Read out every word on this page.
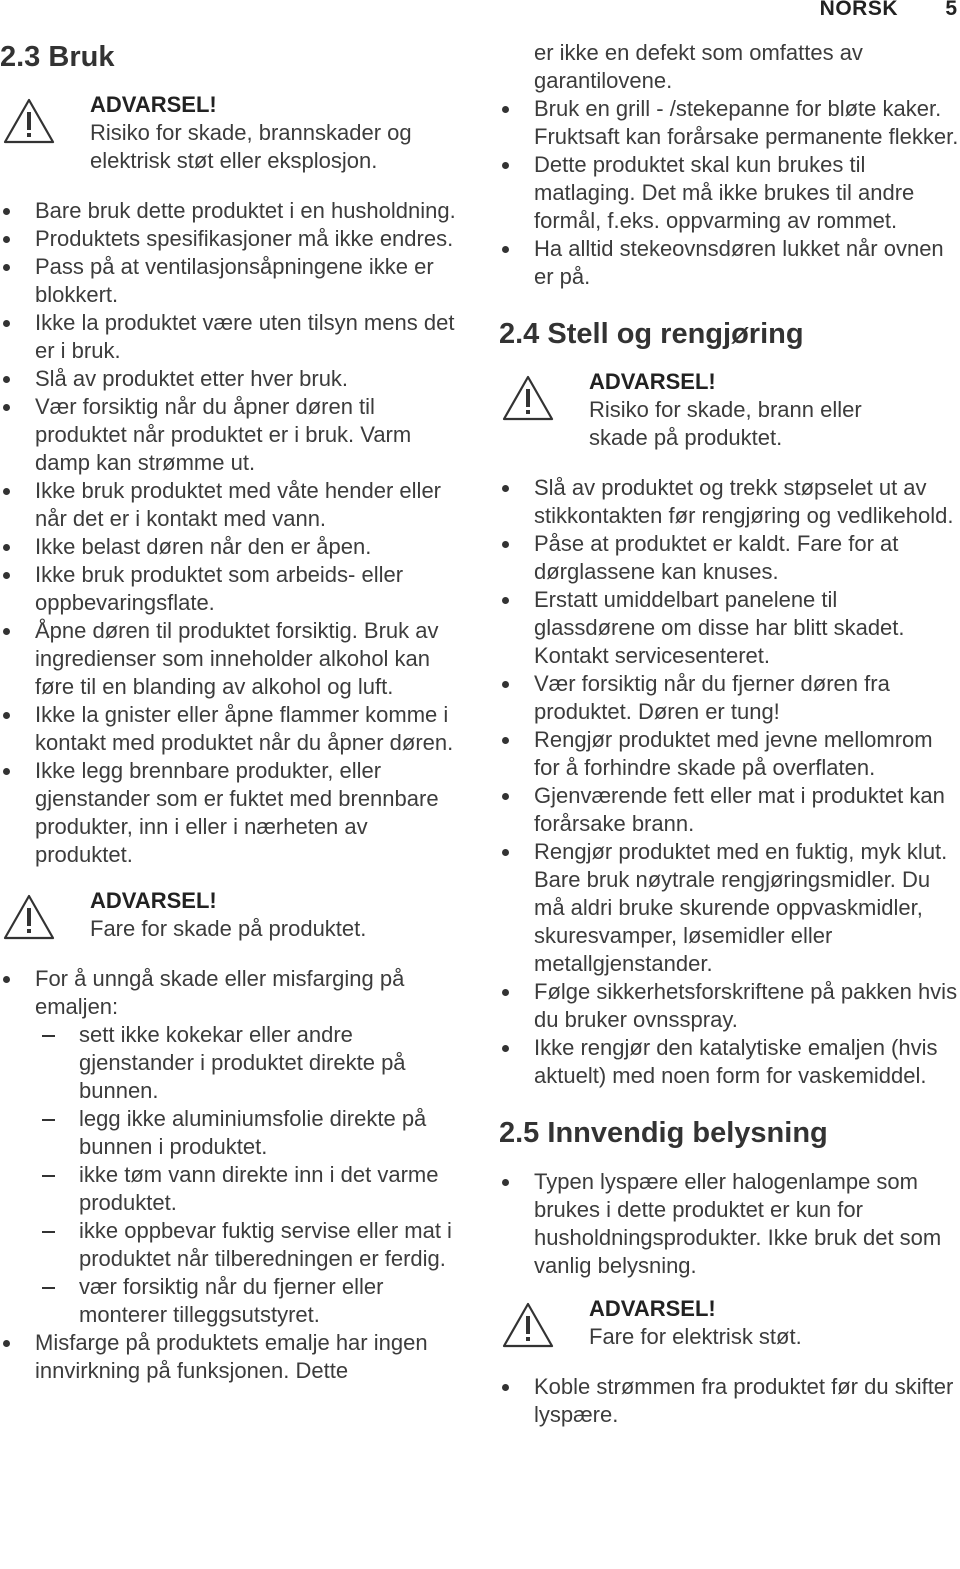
NORSK 5
2.3 Bruk
ADVARSEL!
Risiko for skade, brannskader og elektrisk støt eller eksplosjon.
Bare bruk dette produktet i en husholdning.
Produktets spesifikasjoner må ikke endres.
Pass på at ventilasjonsåpningene ikke er blokkert.
Ikke la produktet være uten tilsyn mens det er i bruk.
Slå av produktet etter hver bruk.
Vær forsiktig når du åpner døren til produktet når produktet er i bruk. Varm damp kan strømme ut.
Ikke bruk produktet med våte hender eller når det er i kontakt med vann.
Ikke belast døren når den er åpen.
Ikke bruk produktet som arbeids- eller oppbevaringsflate.
Åpne døren til produktet forsiktig. Bruk av ingredienser som inneholder alkohol kan føre til en blanding av alkohol og luft.
Ikke la gnister eller åpne flammer komme i kontakt med produktet når du åpner døren.
Ikke legg brennbare produkter, eller gjenstander som er fuktet med brennbare produkter, inn i eller i nærheten av produktet.
ADVARSEL!
Fare for skade på produktet.
For å unngå skade eller misfarging på emaljen:
sett ikke kokekar eller andre gjenstander i produktet direkte på bunnen.
legg ikke aluminiumsfolie direkte på bunnen i produktet.
ikke tøm vann direkte inn i det varme produktet.
ikke oppbevar fuktig servise eller mat i produktet når tilberedningen er ferdig.
vær forsiktig når du fjerner eller monterer tilleggsutstyret.
Misfarge på produktets emalje har ingen innvirkning på funksjonen. Dette
er ikke en defekt som omfattes av garantilovene.
Bruk en grill - /stekepanne for bløte kaker. Fruktsaft kan forårsake permanente flekker.
Dette produktet skal kun brukes til matlaging. Det må ikke brukes til andre formål, f.eks. oppvarming av rommet.
Ha alltid stekeovnsdøren lukket når ovnen er på.
2.4 Stell og rengjøring
ADVARSEL!
Risiko for skade, brann eller skade på produktet.
Slå av produktet og trekk støpselet ut av stikkontakten før rengjøring og vedlikehold.
Påse at produktet er kaldt. Fare for at dørglassene kan knuses.
Erstatt umiddelbart panelene til glassdørene om disse har blitt skadet. Kontakt servicesenteret.
Vær forsiktig når du fjerner døren fra produktet. Døren er tung!
Rengjør produktet med jevne mellomrom for å forhindre skade på overflaten.
Gjenværende fett eller mat i produktet kan forårsake brann.
Rengjør produktet med en fuktig, myk klut. Bare bruk nøytrale rengjøringsmidler. Du må aldri bruke skurende oppvaskmidler, skuresvamper, løsemidler eller metallgjenstander.
Følge sikkerhetsforskriftene på pakken hvis du bruker ovnsspray.
Ikke rengjør den katalytiske emaljen (hvis aktuelt) med noen form for vaskemiddel.
2.5 Innvendig belysning
Typen lyspære eller halogenlampe som brukes i dette produktet er kun for husholdningsprodukter. Ikke bruk det som vanlig belysning.
ADVARSEL!
Fare for elektrisk støt.
Koble strømmen fra produktet før du skifter lyspære.
